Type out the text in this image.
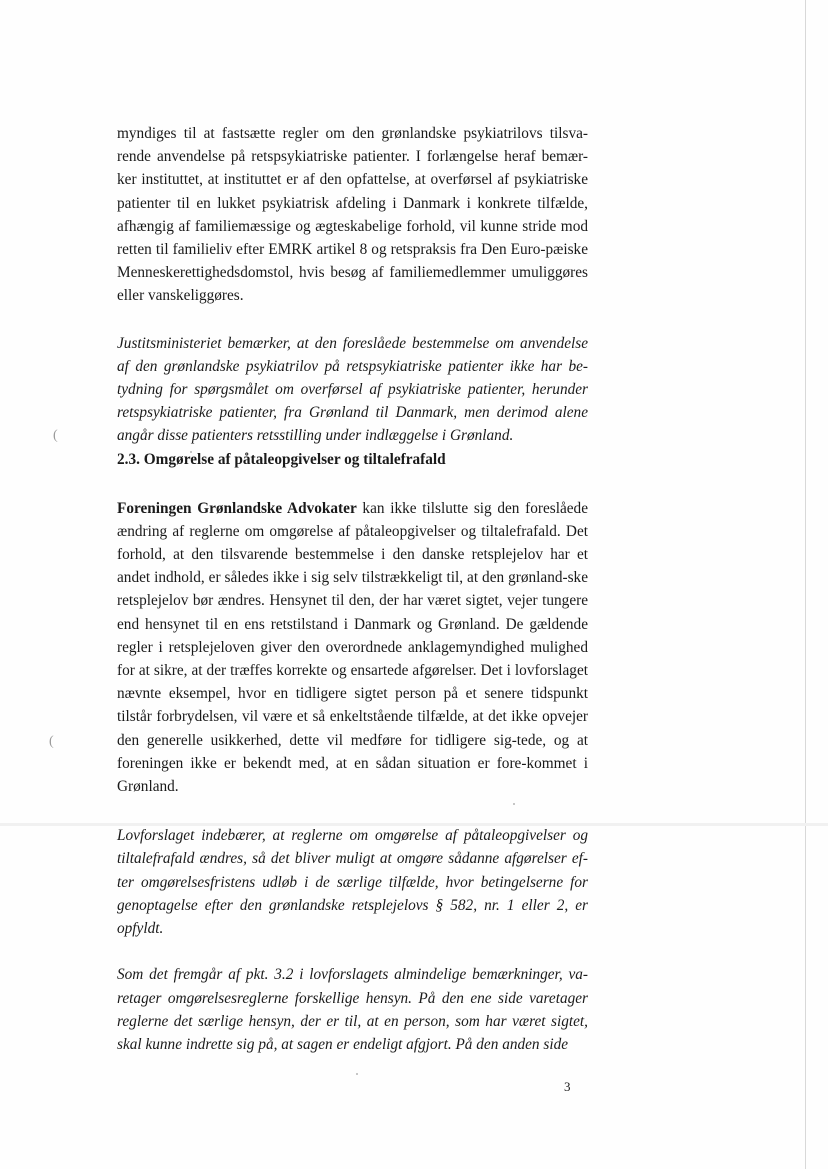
(
(

myndiges til at fastsætte regler om den grønlandske psykiatrilovs tilsva-rende anvendelse på retspsykiatriske patienter. I forlængelse heraf bemær-ker instituttet, at instituttet er af den opfattelse, at overførsel af psykiatriske patienter til en lukket psykiatrisk afdeling i Danmark i konkrete tilfælde, afhængig af familiemæssige og ægteskabelige forhold, vil kunne stride mod retten til familieliv efter EMRK artikel 8 og retspraksis fra Den Euro-pæiske Menneskerettighedsdomstol, hvis besøg af familiemedlemmer umuliggøres eller vanskeliggøres.

Justitsministeriet bemærker, at den foreslåede bestemmelse om anvendelse af den grønlandske psykiatrilov på retspsykiatriske patienter ikke har be-tydning for spørgsmålet om overførsel af psykiatriske patienter, herunder retspsykiatriske patienter, fra Grønland til Danmark, men derimod alene angår disse patienters retsstilling under indlæggelse i Grønland.

2.3. Omgørelse af påtaleopgivelser og tiltalefrafald

Foreningen Grønlandske Advokater kan ikke tilslutte sig den foreslåede ændring af reglerne om omgørelse af påtaleopgivelser og tiltalefrafald. Det forhold, at den tilsvarende bestemmelse i den danske retsplejelov har et andet indhold, er således ikke i sig selv tilstrækkeligt til, at den grønland-ske retsplejelov bør ændres. Hensynet til den, der har været sigtet, vejer tungere end hensynet til en ens retstilstand i Danmark og Grønland. De gældende regler i retsplejeloven giver den overordnede anklagemyndighed mulighed for at sikre, at der træffes korrekte og ensartede afgørelser. Det i lovforslaget nævnte eksempel, hvor en tidligere sigtet person på et senere tidspunkt tilstår forbrydelsen, vil være et så enkeltstående tilfælde, at det ikke opvejer den generelle usikkerhed, dette vil medføre for tidligere sig-tede, og at foreningen ikke er bekendt med, at en sådan situation er fore-kommet i Grønland.

Lovforslaget indebærer, at reglerne om omgørelse af påtaleopgivelser og tiltalefrafald ændres, så det bliver muligt at omgøre sådanne afgørelser ef-ter omgørelsesfristens udløb i de særlige tilfælde, hvor betingelserne for genoptagelse efter den grønlandske retsplejelovs § 582, nr. 1 eller 2, er opfyldt.

Som det fremgår af pkt. 3.2 i lovforslagets almindelige bemærkninger, va-retager omgørelsesreglerne forskellige hensyn. På den ene side varetager reglerne det særlige hensyn, der er til, at en person, som har været sigtet, skal kunne indrette sig på, at sagen er endeligt afgjort. På den anden side

3
